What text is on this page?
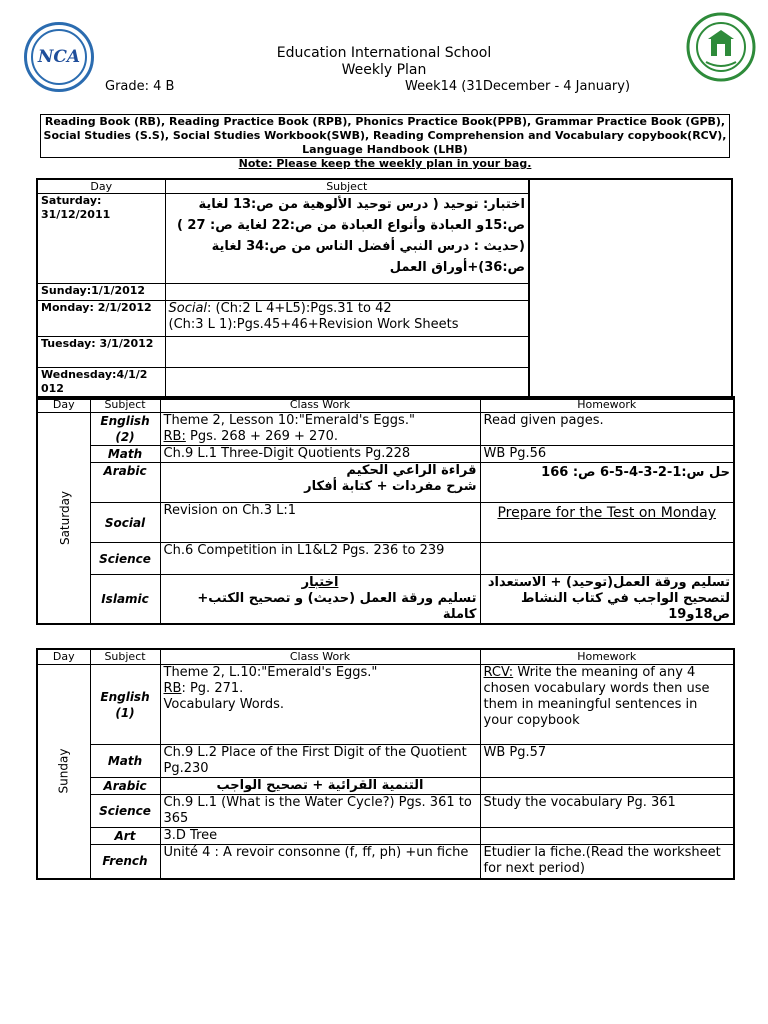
NCA	Education International School
Weekly Plan
Grade: 4 B	Week14 (31December - 4 January)
Reading Book (RB), Reading Practice Book (RPB), Phonics Practice Book(PPB), Grammar Practice Book (GPB), Social Studies (S.S), Social Studies Workbook(SWB), Reading Comprehension and Vocabulary copybook(RCV), Language Handbook (LHB)
Note: Please keep the weekly plan in your bag.
Day	Subject	
Saturday: 31/12/2011	اختبار: توحيد ( درس توحيد الألوهية من ص:13 لغاية ص:15و العبادة وأنواع العبادة من ص:22 لغاية ص: 27 ) (حديث : درس النبي أفضل الناس من ص:34 لغاية ص:36)+أوراق العمل	
Sunday:1/1/2012		
Monday: 2/1/2012	Social: (Ch:2 L 4+L5):Pgs.31 to 42
(Ch:3 L 1):Pgs.45+46+Revision Work Sheets	
Tuesday: 3/1/2012		
Wednesday:4/1/2 012		
Day	Subject	Class Work	Homework
Saturday	English (2)	Theme 2, Lesson 10:"Emerald's Eggs."
RB: Pgs. 268 + 269 + 270.	Read given pages.
	Math	Ch.9 L.1 Three-Digit Quotients Pg.228	WB Pg.56
	Arabic	قراءة الراعي الحكيم
شرح مفردات + كتابة أفكار	حل س:1-2-3-4-5-6 ص: 166
	Social	Revision on Ch.3 L:1	Prepare for the Test on Monday
	Science	Ch.6 Competition in L1&L2 Pgs. 236 to 239	
	Islamic	اختبار
تسليم ورقة العمل (حديث) و تصحيح الكتب+ كاملة	تسليم ورقة العمل(توحيد) + الاستعداد لتصحيح الواجب في كتاب النشاط ص18و19
Day	Subject	Class Work	Homework
Sunday	English (1)	Theme 2, L.10:"Emerald's Eggs."
RB: Pg. 271.
Vocabulary Words.	RCV: Write the meaning of any 4 chosen vocabulary words then use them in meaningful sentences in your copybook
	Math	Ch.9 L.2 Place of the First Digit of the Quotient Pg.230	WB Pg.57
	Arabic	التنمية القرائية + تصحيح الواجب	
	Science	Ch.9 L.1 (What is the Water Cycle?) Pgs. 361 to 365	Study the vocabulary Pg. 361
	Art	3.D Tree	
	French	Unité 4 : A revoir consonne (f, ff, ph) +un fiche	Etudier la fiche.(Read the worksheet for next period)
